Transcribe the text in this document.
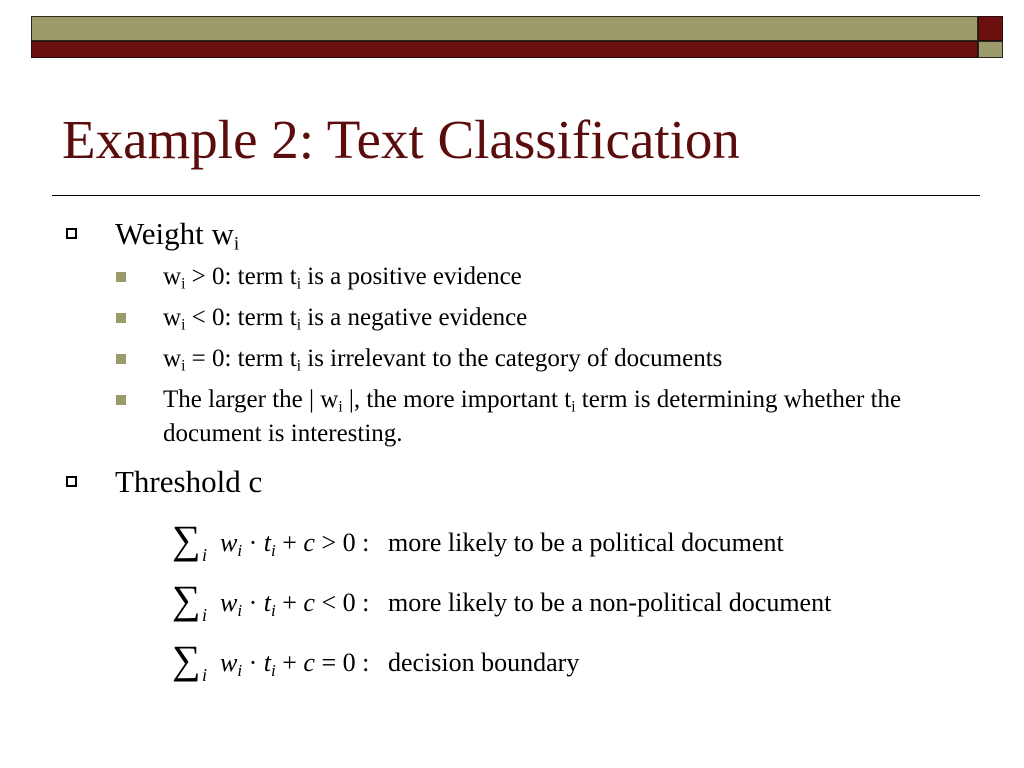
Example 2: Text Classification
Weight $w_i$
$w_i > 0$: term $t_i$ is a positive evidence
$w_i < 0$: term $t_i$ is a negative evidence
$w_i = 0$: term $t_i$ is irrelevant to the category of documents
The larger the | $w_i$ |, the more important $t_i$ term is determining whether the document is interesting.
Threshold c
∑ i wi · ti + c > 0 : more likely to be a political document
∑ i wi · ti + c < 0 : more likely to be a non-political document
∑ i wi · ti + c = 0 : decision boundary
